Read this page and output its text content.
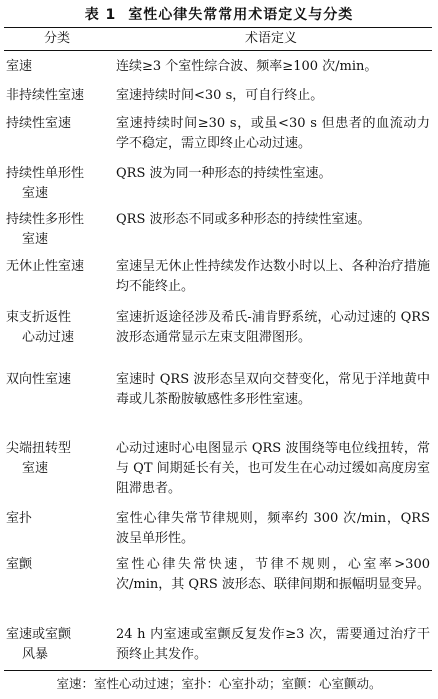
表 1 室性心律失常常用术语定义与分类
分类	术语定义

室速	连续≥3 个室性综合波、频率≥100 次/min。

非持续性室速	室速持续时间<30 s，可自行终止。

持续性室速	室速持续时间≥30 s，或虽<30 s 但患者的血流动力学不稳定，需立即终止心动过速。

持续性单形性
室速	QRS 波为同一种形态的持续性室速。

持续性多形性
室速	QRS 波形态不同或多种形态的持续性室速。

无休止性室速	室速呈无休止性持续发作达数小时以上、各种治疗措施均不能终止。

束支折返性
心动过速	室速折返途径涉及希氏-浦肯野系统，心动过速的 QRS 波形态通常显示左束支阻滞图形。

双向性室速	室速时 QRS 波形态呈双向交替变化，常见于洋地黄中毒或儿茶酚胺敏感性多形性室速。

尖端扭转型
室速	心动过速时心电图显示 QRS 波围绕等电位线扭转，常与 QT 间期延长有关，也可发生在心动过缓如高度房室阻滞患者。

室扑	室性心律失常节律规则，频率约 300 次/min，QRS 波呈单形性。

室颤	室性心律失常快速，节律不规则，心室率>300 次/min，其 QRS 波形态、联律间期和振幅明显变异。

室速或室颤
风暴	24 h 内室速或室颤反复发作≥3 次，需要通过治疗干预终止其发作。
室速：室性心动过速；室扑：心室扑动；室颤：心室颤动。
